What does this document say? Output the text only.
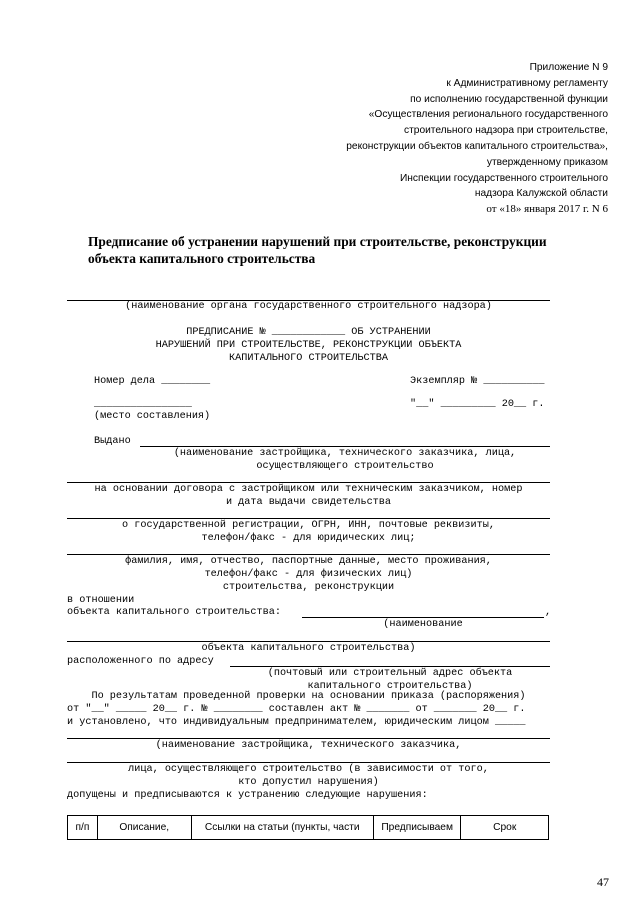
Приложение N 9
к Административному регламенту
по исполнению государственной функции
«Осуществления регионального государственного
строительного надзора при строительстве,
реконструкции объектов капитального строительства»,
утвержденному приказом
Инспекции государственного строительного
надзора Калужской области
от «18» января 2017 г. N 6
Предписание об устранении нарушений при строительстве, реконструкции объекта капитального строительства
(наименование органа государственного строительного надзора)
ПРЕДПИСАНИЕ № ____________ ОБ УСТРАНЕНИИ
НАРУШЕНИЙ ПРИ СТРОИТЕЛЬСТВЕ, РЕКОНСТРУКЦИИ ОБЪЕКТА
КАПИТАЛЬНОГО СТРОИТЕЛЬСТВА
Номер дела ________	Экземпляр № __________
________________
(место составления)
"__" _________ 20__ г.
Выдано
(наименование застройщика, технического заказчика, лица,
осуществляющего строительство
на основании договора с застройщиком или техническим заказчиком, номер
и дата выдачи свидетельства
о государственной регистрации, ОГРН, ИНН, почтовые реквизиты,
телефон/факс - для юридических лиц;
фамилия, имя, отчество, паспортные данные, место проживания,
телефон/факс - для физических лиц)
строительства, реконструкции
в отношении
объекта капитального строительства:	,
(наименование
объекта капитального строительства)
расположенного по адресу
(почтовый или строительный адрес объекта
капитального строительства)
По результатам проведенной проверки на основании приказа (распоряжения)
от "__" _____ 20__ г. № ________ составлен акт № _______ от _______ 20__ г.
и установлено, что индивидуальным предпринимателем, юридическим лицом _____
(наименование застройщика, технического заказчика,
лица, осуществляющего строительство (в зависимости от того,
кто допустил нарушения)
допущены и предписываются к устранению следующие нарушения:
п/п	Описание,	Ссылки на статьи (пункты, части	Предписываем	Срок
47
